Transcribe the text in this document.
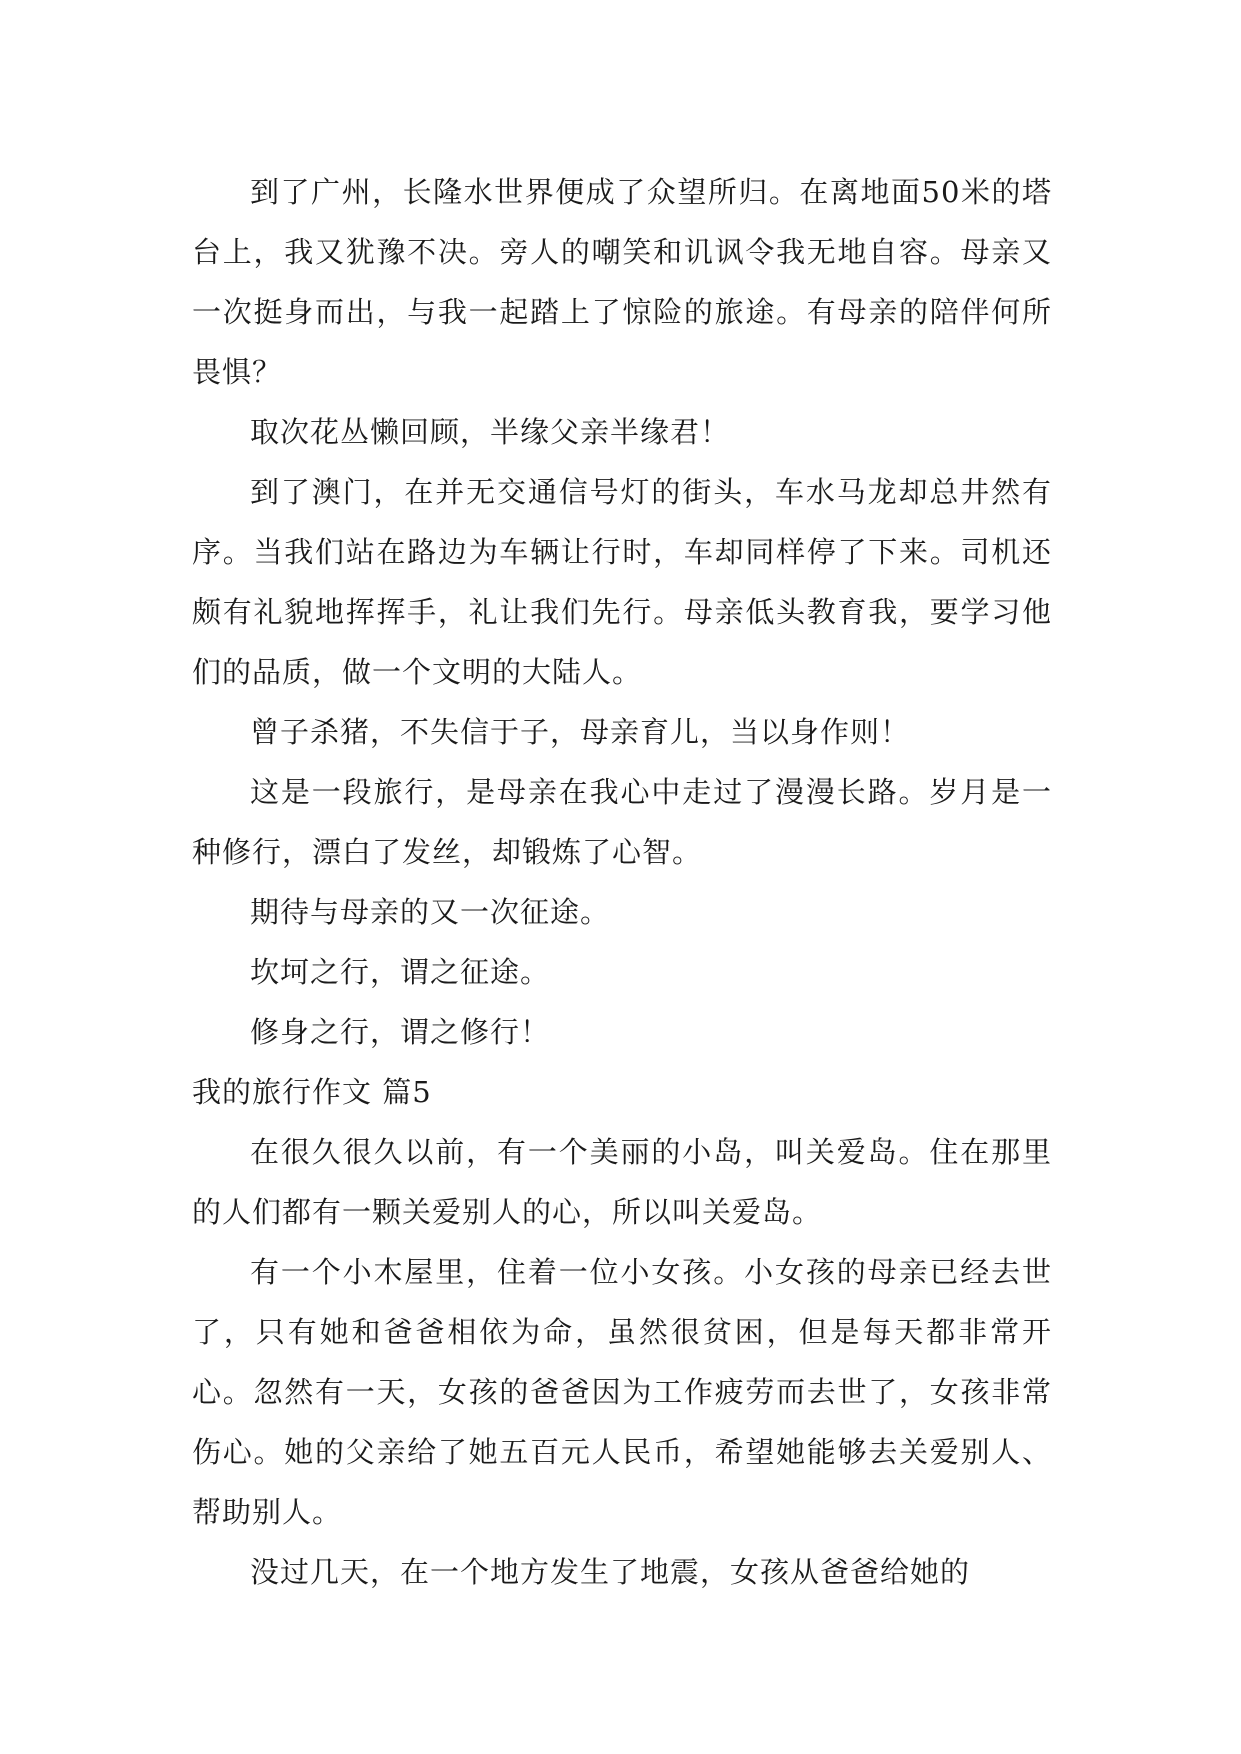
到了广州，长隆水世界便成了众望所归。在离地面50米的塔台上，我又犹豫不决。旁人的嘲笑和讥讽令我无地自容。母亲又一次挺身而出，与我一起踏上了惊险的旅途。有母亲的陪伴何所畏惧？

取次花丛懒回顾，半缘父亲半缘君！

到了澳门，在并无交通信号灯的街头，车水马龙却总井然有序。当我们站在路边为车辆让行时，车却同样停了下来。司机还颇有礼貌地挥挥手，礼让我们先行。母亲低头教育我，要学习他们的品质，做一个文明的大陆人。

曾子杀猪，不失信于子，母亲育儿，当以身作则！

这是一段旅行，是母亲在我心中走过了漫漫长路。岁月是一种修行，漂白了发丝，却锻炼了心智。

期待与母亲的又一次征途。

坎坷之行，谓之征途。

修身之行，谓之修行！

我的旅行作文 篇5

在很久很久以前，有一个美丽的小岛，叫关爱岛。住在那里的人们都有一颗关爱别人的心，所以叫关爱岛。

有一个小木屋里，住着一位小女孩。小女孩的母亲已经去世了，只有她和爸爸相依为命，虽然很贫困，但是每天都非常开心。忽然有一天，女孩的爸爸因为工作疲劳而去世了，女孩非常伤心。她的父亲给了她五百元人民币，希望她能够去关爱别人、帮助别人。

没过几天，在一个地方发生了地震，女孩从爸爸给她的
